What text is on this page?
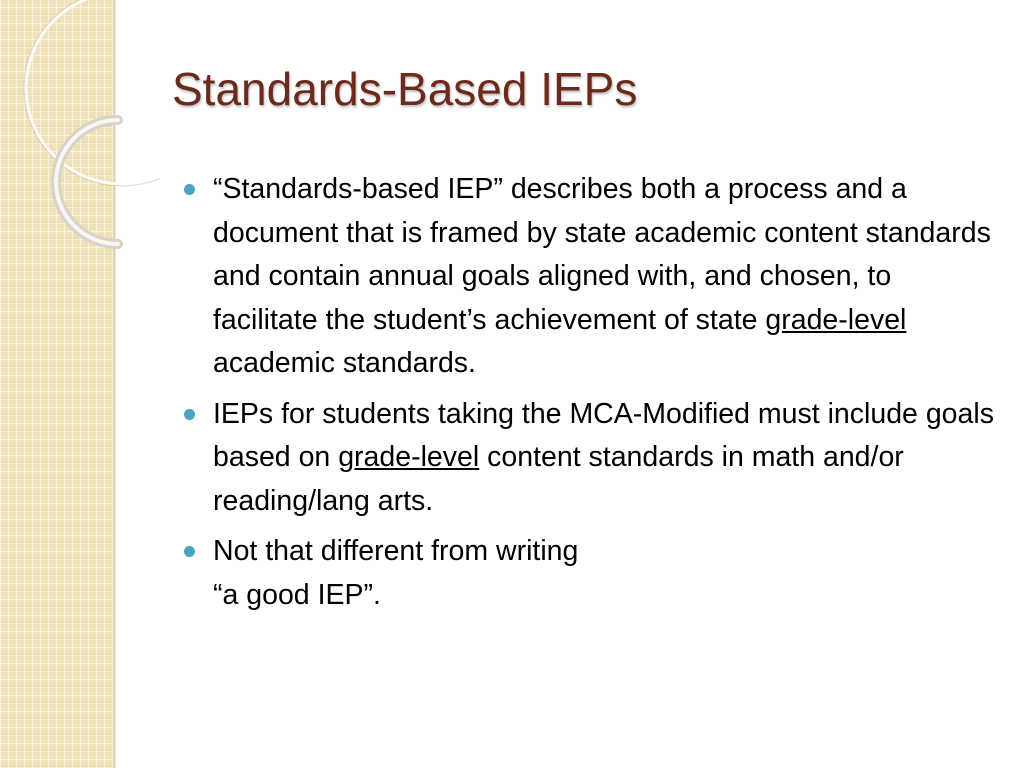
Standards-Based IEPs
“Standards-based IEP” describes both a process and a document that is framed by state academic content standards and contain annual goals aligned with, and chosen, to facilitate the student’s achievement of state grade-level academic standards.
IEPs for students taking the MCA-Modified must include goals based on grade-level content standards in math and/or reading/lang arts.
Not that different from writing
“a good IEP”.
